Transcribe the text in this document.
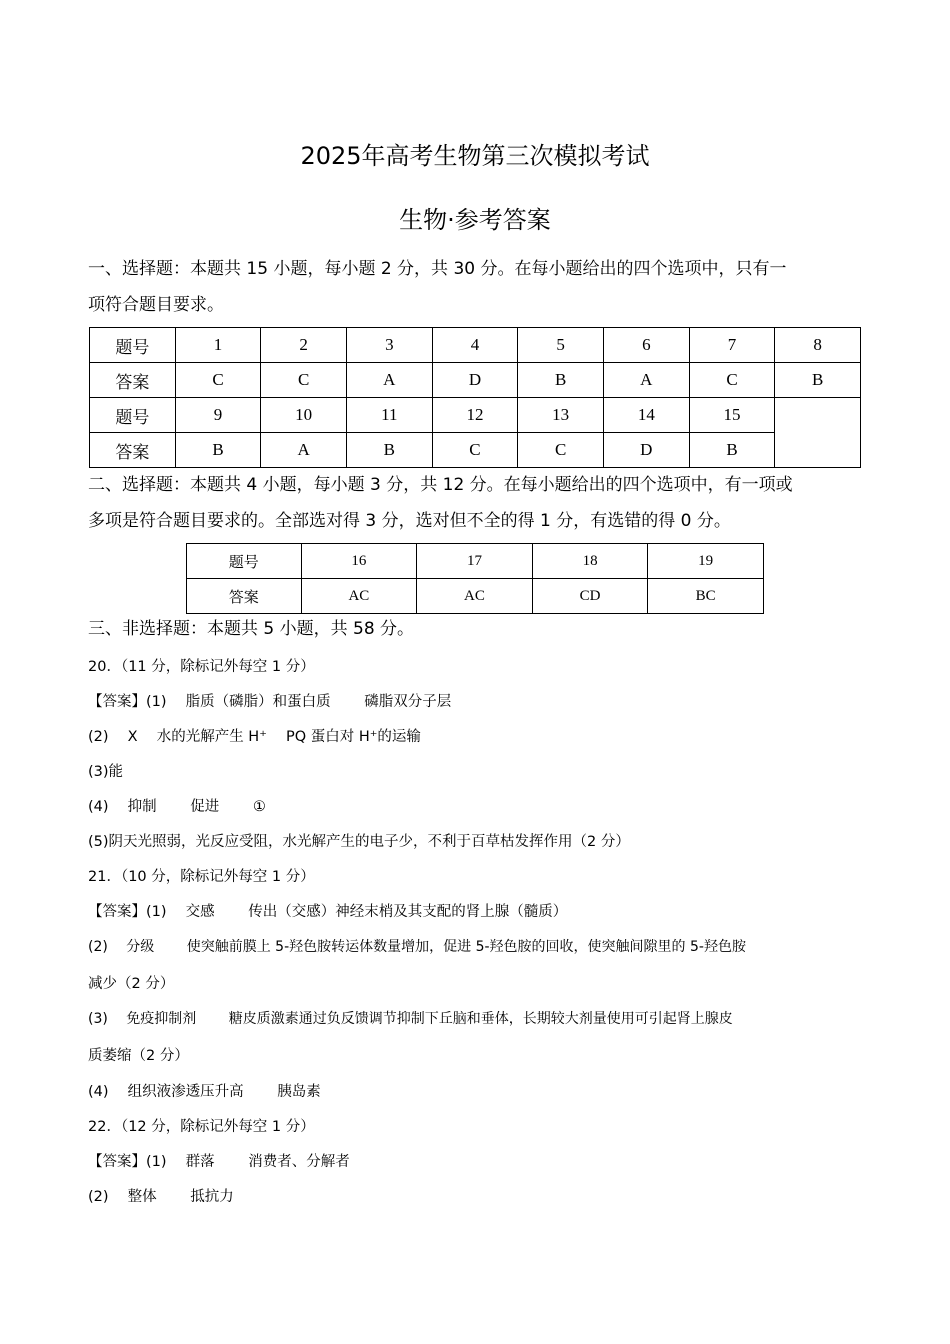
2025年高考生物第三次模拟考试
生物·参考答案
一、选择题：本题共 15 小题，每小题 2 分，共 30 分。在每小题给出的四个选项中，只有一
项符合题目要求。
题号	1	2	3	4	5	6	7	8
答案	C	C	A	D	B	A	C	B
题号	9	10	11	12	13	14	15	
答案	B	A	B	C	C	D	B	
二、选择题：本题共 4 小题，每小题 3 分，共 12 分。在每小题给出的四个选项中，有一项或
多项是符合题目要求的。全部选对得 3 分，选对但不全的得 1 分，有选错的得 0 分。
题号	16	17	18	19
答案	AC	AC	CD	BC
三、非选择题：本题共 5 小题，共 58 分。
20．（11 分，除标记外每空 1 分）
【答案】(1)  脂质（磷脂）和蛋白质   磷脂双分子层
(2)  X  水的光解产生 H⁺  PQ 蛋白对 H⁺的运输
(3)能
(4)  抑制   促进   ①
(5)阴天光照弱，光反应受阻，水光解产生的电子少，不利于百草枯发挥作用（2 分）
21．（10 分，除标记外每空 1 分）
【答案】(1)  交感   传出（交感）神经末梢及其支配的肾上腺（髓质）
(2)  分级   使突触前膜上 5-羟色胺转运体数量增加，促进 5-羟色胺的回收，使突触间隙里的 5-羟色胺
减少（2 分）
(3)  免疫抑制剂   糖皮质激素通过负反馈调节抑制下丘脑和垂体，长期较大剂量使用可引起肾上腺皮
质萎缩（2 分）
(4)  组织液渗透压升高   胰岛素
22．（12 分，除标记外每空 1 分）
【答案】(1)  群落   消费者、分解者
(2)  整体   抵抗力
